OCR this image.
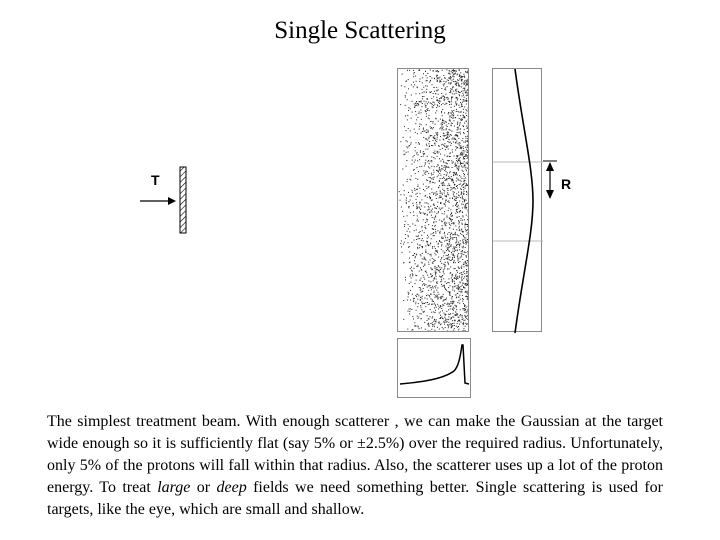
Single Scattering
T	R

The simplest treatment beam. With enough scatterer , we can make the Gaussian at the target wide enough so it is sufficiently flat (say 5% or ±2.5%) over the required radius. Unfortunately, only 5% of the protons will fall within that radius. Also, the scatterer uses up a lot of the proton energy. To treat large or deep fields we need something better. Single scattering is used for targets, like the eye, which are small and shallow.
